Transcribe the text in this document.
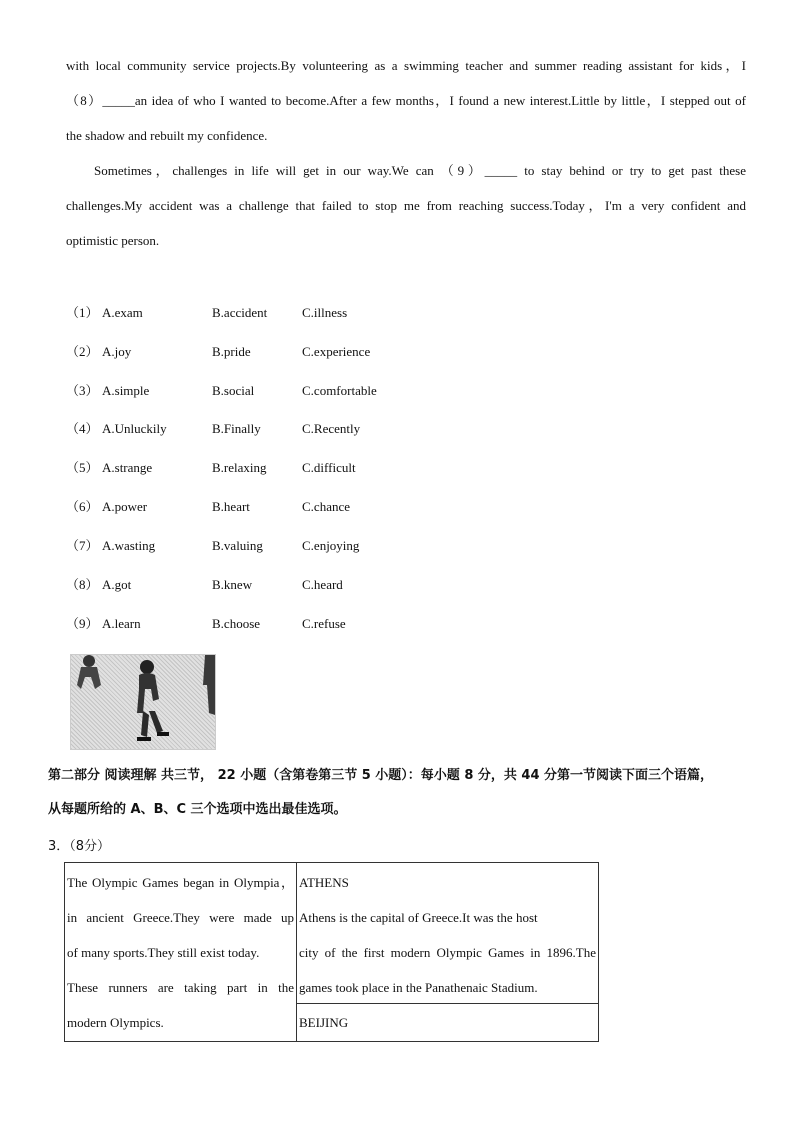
with local community service projects.By volunteering as a swimming teacher and summer reading assistant for kids，I
（8）_____an idea of who I wanted to become.After a few months，I found a new interest.Little by little，I stepped out of
the shadow and rebuilt my confidence.
Sometimes，challenges in life will get in our way.We can （9）_____ to stay behind or try to get past these
challenges.My accident was a challenge that failed to stop me from reaching success.Today，I'm a very confident and
optimistic person.
（1） A.exam	B.accident	C.illness
（2） A.joy	B.pride	C.experience
（3） A.simple	B.social	C.comfortable
（4） A.Unluckily	B.Finally	C.Recently
（5） A.strange	B.relaxing	C.difficult
（6） A.power	B.heart	C.chance
（7） A.wasting	B.valuing	C.enjoying
（8） A.got	B.knew	C.heard
（9） A.learn	B.choose	C.refuse
第二部分 阅读理解 共三节， 22 小题（含第卷第三节 5 小题）：每小题 8 分，共 44 分第一节阅读下面三个语篇，
从每题所给的 A、B、C 三个选项中选出最佳选项。
3．（8分）
The Olympic Games began in Olympia，
in ancient Greece.They were made up
of many sports.They still exist today.
These runners are taking part in the
modern Olympics.

ATHENS
Athens is the capital of Greece.It was the host
city of the first modern Olympic Games in 1896.The
games took place in the Panathenaic Stadium.

BEIJING
